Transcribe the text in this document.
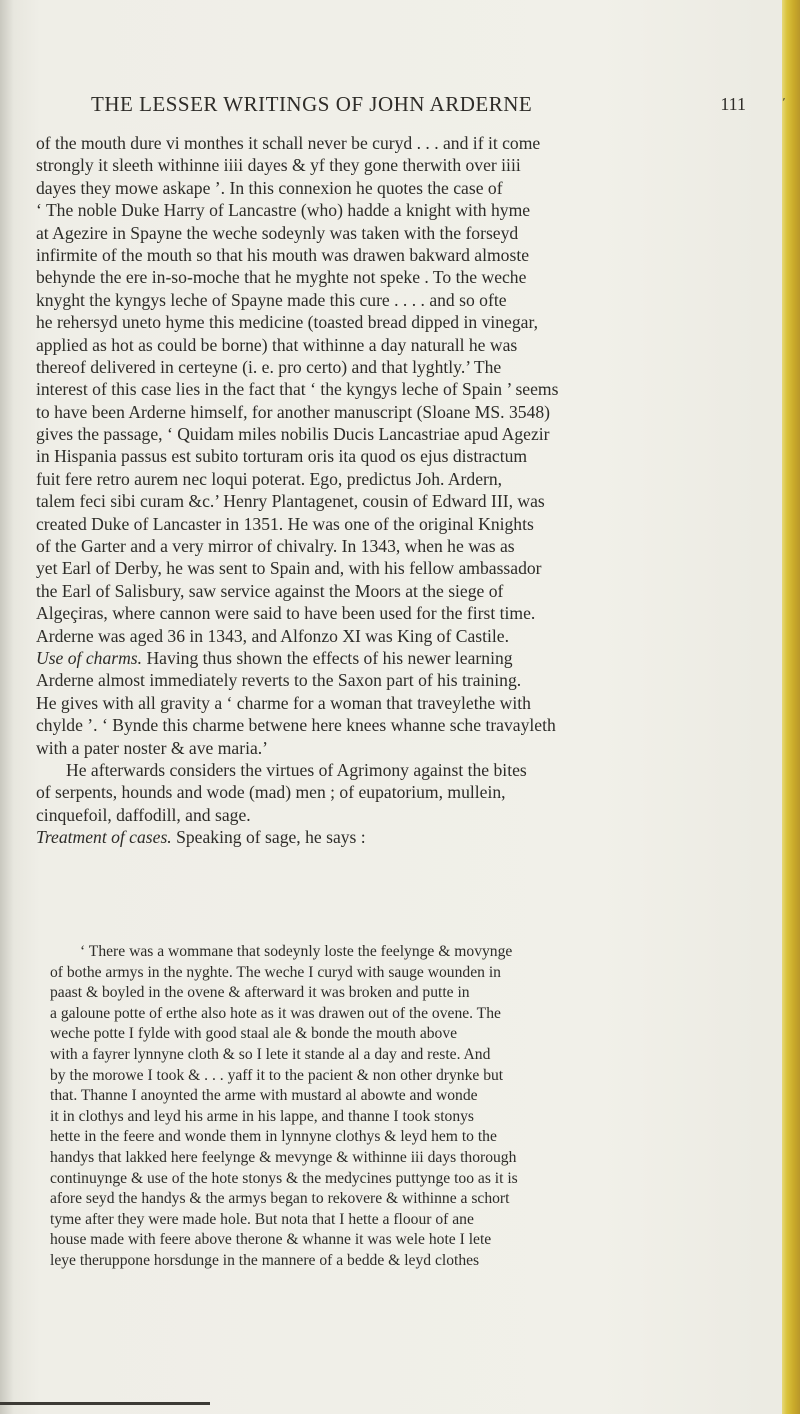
THE LESSER WRITINGS OF JOHN ARDERNE	111	’
of the mouth dure vi monthes it schall never be curyd . . . and if it come
strongly it sleeth withinne iiii dayes & yf they gone therwith over iiii
dayes they mowe askape ’. In this connexion he quotes the case of
‘ The noble Duke Harry of Lancastre (who) hadde a knight with hyme
at Agezire in Spayne the weche sodeynly was taken with the forseyd
infirmite of the mouth so that his mouth was drawen bakward almoste
behynde the ere in-so-moche that he myghte not speke . To the weche
knyght the kyngys leche of Spayne made this cure . . . . and so ofte
he rehersyd uneto hyme this medicine (toasted bread dipped in vinegar,
applied as hot as could be borne) that withinne a day naturall he was
thereof delivered in certeyne (i. e. pro certo) and that lyghtly.’ The
interest of this case lies in the fact that ‘ the kyngys leche of Spain ’ seems
to have been Arderne himself, for another manuscript (Sloane MS. 3548)
gives the passage, ‘ Quidam miles nobilis Ducis Lancastriae apud Agezir
in Hispania passus est subito torturam oris ita quod os ejus distractum
fuit fere retro aurem nec loqui poterat. Ego, predictus Joh. Ardern,
talem feci sibi curam &c.’ Henry Plantagenet, cousin of Edward III, was
created Duke of Lancaster in 1351. He was one of the original Knights
of the Garter and a very mirror of chivalry. In 1343, when he was as
yet Earl of Derby, he was sent to Spain and, with his fellow ambassador
the Earl of Salisbury, saw service against the Moors at the siege of
Algeçiras, where cannon were said to have been used for the first time.
Arderne was aged 36 in 1343, and Alfonzo XI was King of Castile.
Use of charms. Having thus shown the effects of his newer learning
Arderne almost immediately reverts to the Saxon part of his training.
He gives with all gravity a ‘ charme for a woman that traveylethe with
chylde ’. ‘ Bynde this charme betwene here knees whanne sche travayleth
with a pater noster & ave maria.’
He afterwards considers the virtues of Agrimony against the bites
of serpents, hounds and wode (mad) men ; of eupatorium, mullein,
cinquefoil, daffodill, and sage.
Treatment of cases. Speaking of sage, he says :
‘ There was a wommane that sodeynly loste the feelynge & movynge
of bothe armys in the nyghte. The weche I curyd with sauge wounden in
paast & boyled in the ovene & afterward it was broken and putte in
a galoune potte of erthe also hote as it was drawen out of the ovene. The
weche potte I fylde with good staal ale & bonde the mouth above
with a fayrer lynnyne cloth & so I lete it stande al a day and reste. And
by the morowe I took & . . . yaff it to the pacient & non other drynke but
that. Thanne I anoynted the arme with mustard al abowte and wonde
it in clothys and leyd his arme in his lappe, and thanne I took stonys
hette in the feere and wonde them in lynnyne clothys & leyd hem to the
handys that lakked here feelynge & mevynge & withinne iii days thorough
continuynge & use of the hote stonys & the medycines puttynge too as it is
afore seyd the handys & the armys began to rekovere & withinne a schort
tyme after they were made hole. But nota that I hette a floour of ane
house made with feere above therone & whanne it was wele hote I lete
leye theruppone horsdunge in the mannere of a bedde & leyd clothes
